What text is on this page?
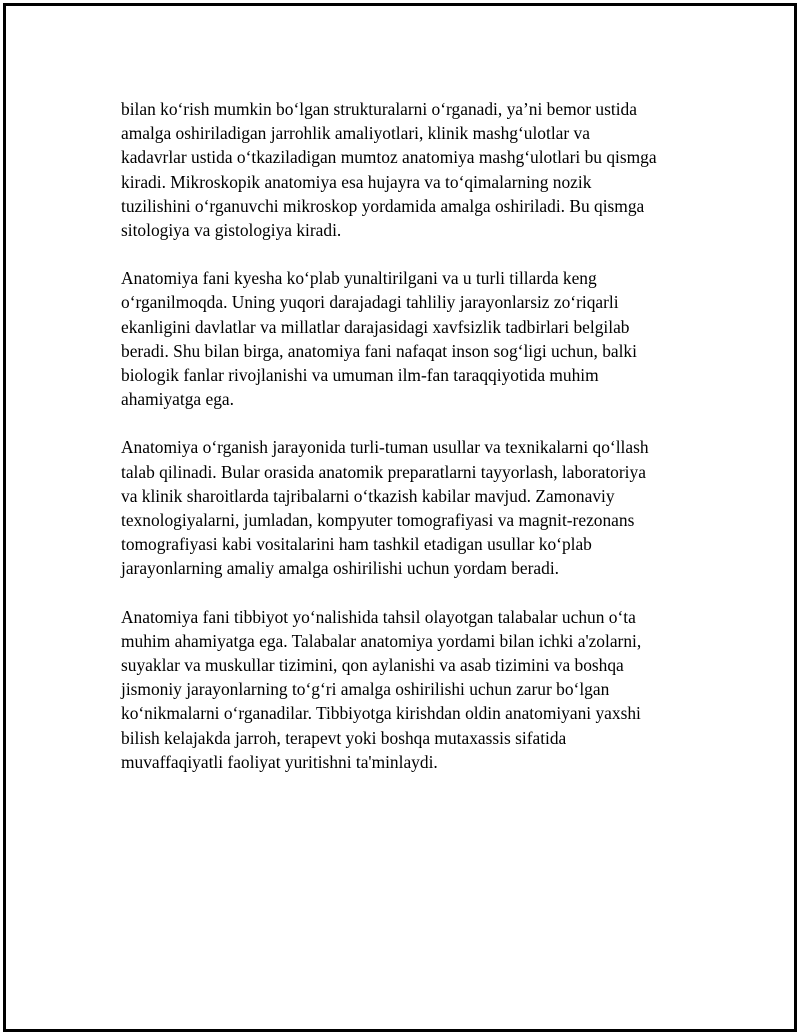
bilan ko‘rish mumkin bo‘lgan strukturalarni o‘rganadi, ya’ni bemor ustida
amalga oshiriladigan jarrohlik amaliyotlari, klinik mashg‘ulotlar va
kadavrlar ustida o‘tkaziladigan mumtoz anatomiya mashg‘ulotlari bu qismga
kiradi. Mikroskopik anatomiya esa hujayra va to‘qimalarning nozik
tuzilishini o‘rganuvchi mikroskop yordamida amalga oshiriladi. Bu qismga
sitologiya va gistologiya kiradi.

Anatomiya fani kyesha ko‘plab yunaltirilgani va u turli tillarda keng
o‘rganilmoqda. Uning yuqori darajadagi tahliliy jarayonlarsiz zo‘riqarli
ekanligini davlatlar va millatlar darajasidagi xavfsizlik tadbirlari belgilab
beradi. Shu bilan birga, anatomiya fani nafaqat inson sog‘ligi uchun, balki
biologik fanlar rivojlanishi va umuman ilm-fan taraqqiyotida muhim
ahamiyatga ega.

Anatomiya o‘rganish jarayonida turli-tuman usullar va texnikalarni qo‘llash
talab qilinadi. Bular orasida anatomik preparatlarni tayyorlash, laboratoriya
va klinik sharoitlarda tajribalarni o‘tkazish kabilar mavjud. Zamonaviy
texnologiyalarni, jumladan, kompyuter tomografiyasi va magnit-rezonans
tomografiyasi kabi vositalarini ham tashkil etadigan usullar ko‘plab
jarayonlarning amaliy amalga oshirilishi uchun yordam beradi.

Anatomiya fani tibbiyot yo‘nalishida tahsil olayotgan talabalar uchun o‘ta
muhim ahamiyatga ega. Talabalar anatomiya yordami bilan ichki a'zolarni,
suyaklar va muskullar tizimini, qon aylanishi va asab tizimini va boshqa
jismoniy jarayonlarning to‘g‘ri amalga oshirilishi uchun zarur bo‘lgan
ko‘nikmalarni o‘rganadilar. Tibbiyotga kirishdan oldin anatomiyani yaxshi
bilish kelajakda jarroh, terapevt yoki boshqa mutaxassis sifatida
muvaffaqiyatli faoliyat yuritishni ta'minlaydi.
